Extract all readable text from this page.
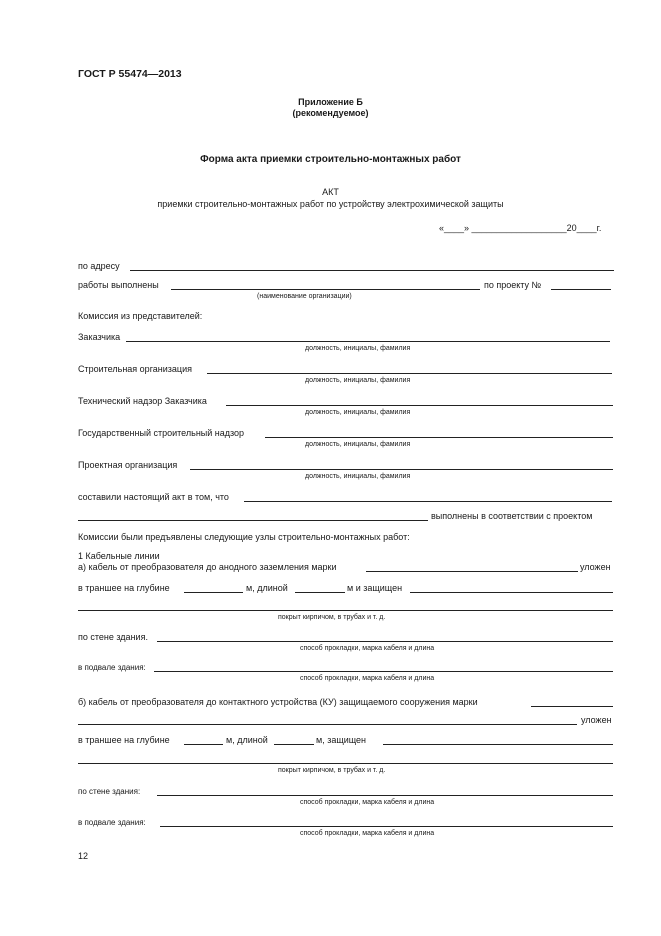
ГОСТ Р 55474—2013
Приложение Б
(рекомендуемое)
Форма акта приемки строительно-монтажных работ
АКТ
приемки строительно-монтажных работ по устройству электрохимической защиты
«____» ___________________20____г.
по адресу
работы выполнены	по проекту №
(наименование организации)
Комиссия из представителей:
Заказчика
должность, инициалы, фамилия
Строительная организация
должность, инициалы, фамилия
Технический надзор Заказчика
должность, инициалы, фамилия
Государственный строительный надзор
должность, инициалы, фамилия
Проектная организация
должность, инициалы, фамилия
составили настоящий акт в том, что
выполнены в соответствии с проектом
Комиссии были предъявлены следующие узлы строительно-монтажных работ:
1 Кабельные линии
а) кабель от преобразователя до анодного заземления марки	уложен
в траншее на глубине	м, длиной	м и защищен
покрыт кирпичом, в трубах и т. д.
по стене здания.
способ прокладки, марка кабеля и длина
в подвале здания:
способ прокладки, марка кабеля и длина
б) кабель от преобразователя до контактного устройства (КУ) защищаемого сооружения марки
уложен
в траншее на глубине	м, длиной	м, защищен
покрыт кирпичом, в трубах и т. д.
по стене здания:
способ прокладки, марка кабеля и длина
в подвале здания:
способ прокладки, марка кабеля и длина
12
